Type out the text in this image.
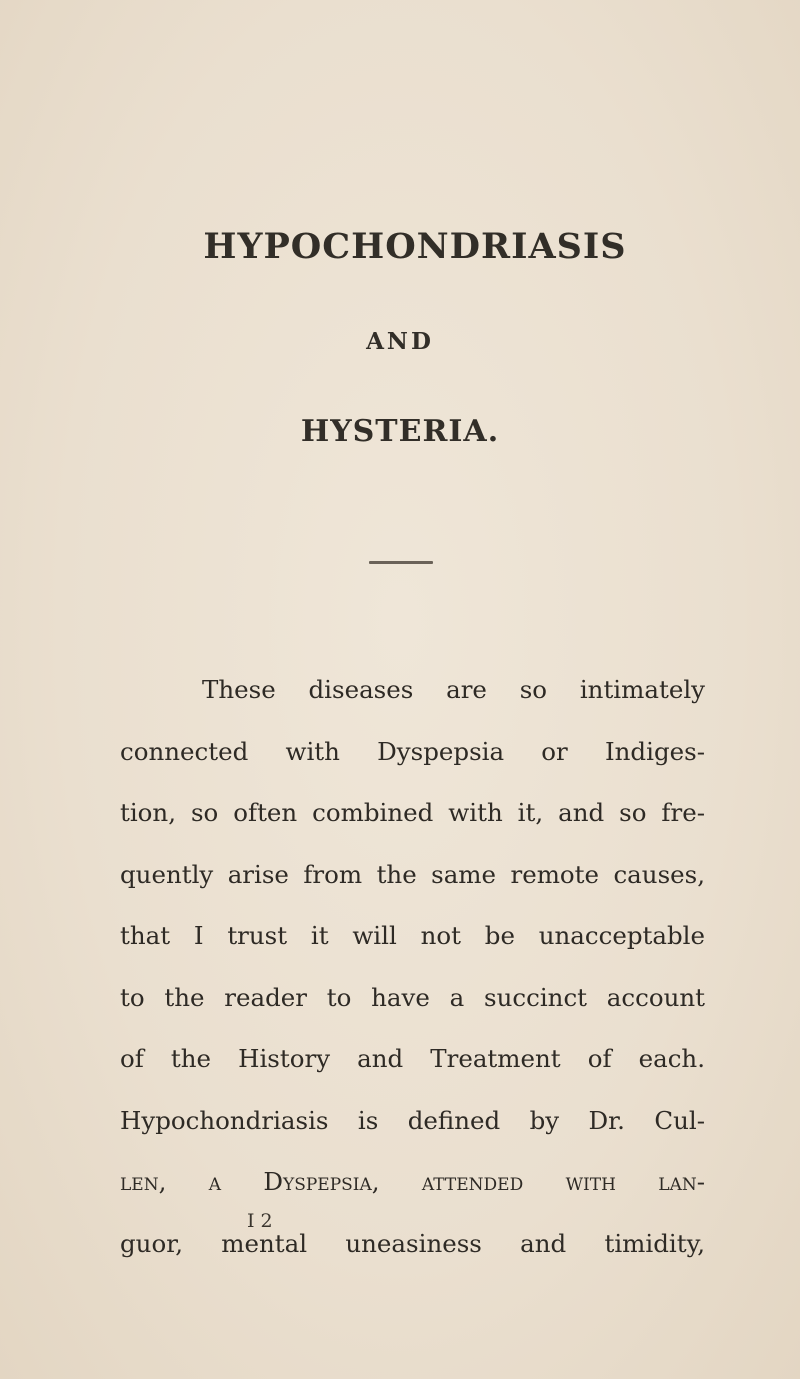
HYPOCHONDRIASIS
AND
HYSTERIA.
These diseases are so intimately
connected with Dyspepsia or Indiges-
tion, so often combined with it, and so fre-
quently arise from the same remote causes,
that I trust it will not be unacceptable
to the reader to have a succinct account
of the History and Treatment of each.
Hypochondriasis is defined by Dr. Cul-
len, a Dyspepsia, attended with lan-
guor, mental uneasiness and timidity,
I 2
